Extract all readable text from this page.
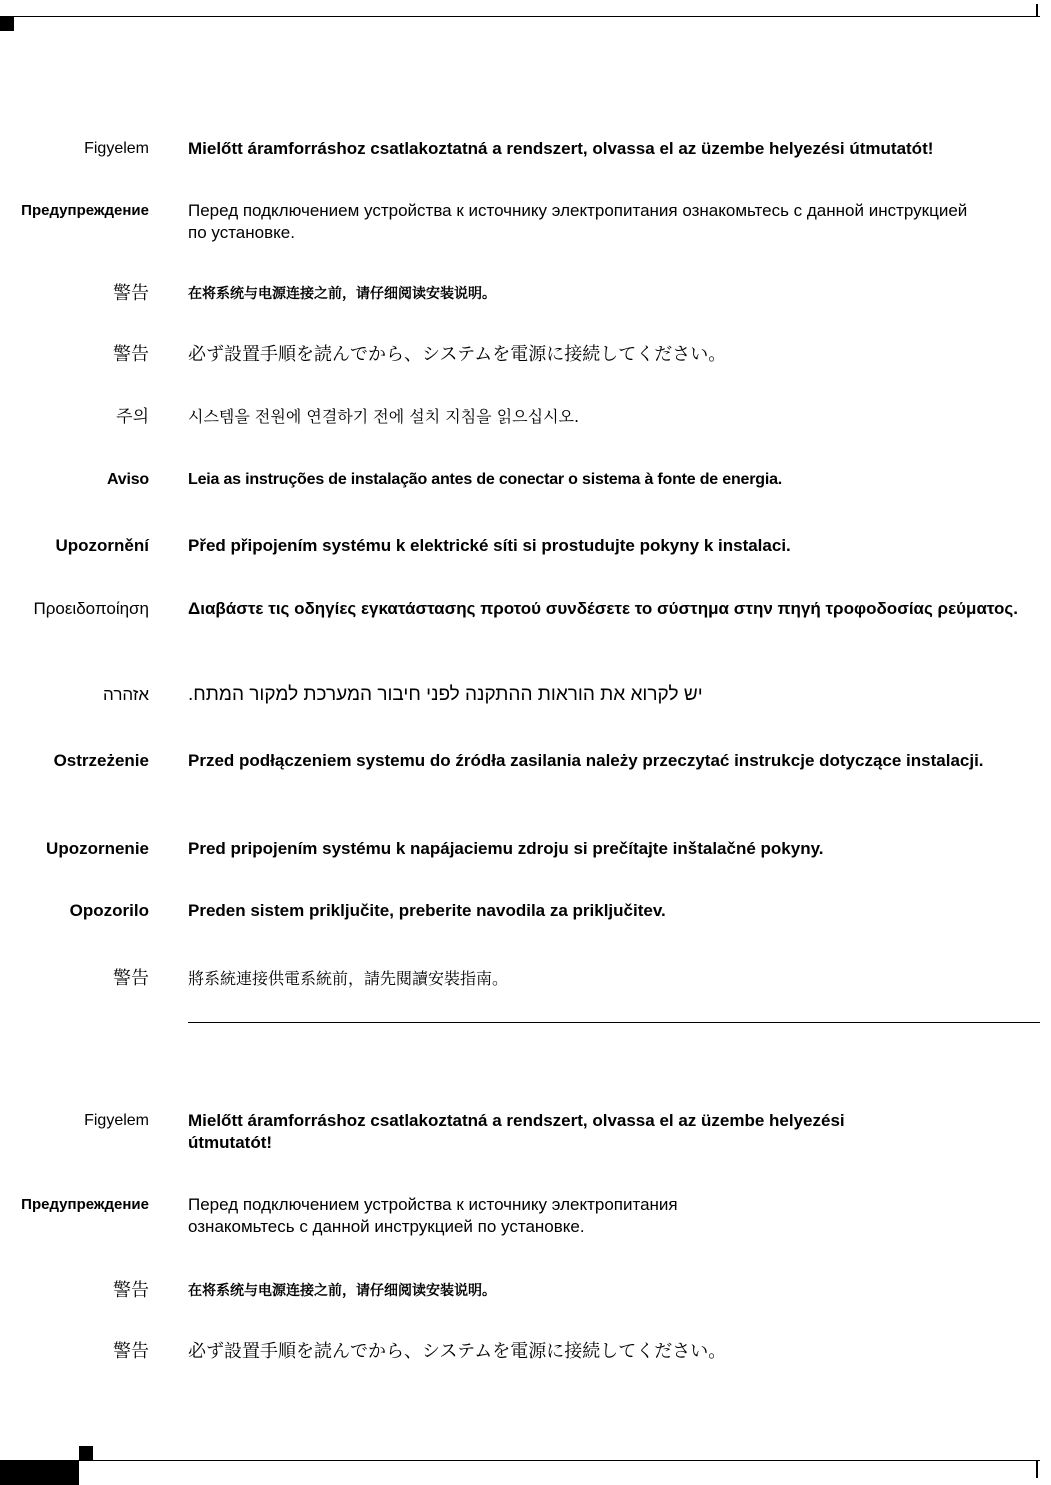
Figyelem Mielőtt áramforráshoz csatlakoztatná a rendszert, olvassa el az üzembe helyezési útmutatót!
Предупреждение Перед подключением устройства к источнику электропитания ознакомьтесь с данной инструкцией по установке.
警告	在将系统与电源连接之前，请仔细阅读安装说明。
警告 必ず設置手順を読んでから、システムを電源に接続してください。
주의 시스템을 전원에 연결하기 전에 설치 지침을 읽으십시오.
Aviso Leia as instruções de instalação antes de conectar o sistema à fonte de energia.
Upozornění Před připojením systému k elektrické síti si prostudujte pokyny k instalaci.
Προειδοποίηση Διαβάστε τις οδηγίες εγκατάστασης προτού συνδέσετε το σύστημα στην πηγή τροφοδοσίας ρεύματος.
אזהרה יש לקרוא את הוראות ההתקנה לפני חיבור המערכת למקור המתח.
Ostrzeżenie Przed podłączeniem systemu do źródła zasilania należy przeczytać instrukcje dotyczące instalacji.
Upozornenie Pred pripojením systému k napájaciemu zdroju si prečítajte inštalačné pokyny.
Opozorilo Preden sistem priključite, preberite navodila za priključitev.
警告 將系統連接供電系統前，請先閱讀安裝指南。
Figyelem Mielőtt áramforráshoz csatlakoztatná a rendszert, olvassa el az üzembe helyezési útmutatót!
Предупреждение Перед подключением устройства к источнику электропитания ознакомьтесь с данной инструкцией по установке.
警告	在将系统与电源连接之前，请仔细阅读安装说明。
警告 必ず設置手順を読んでから、システムを電源に接続してください。
